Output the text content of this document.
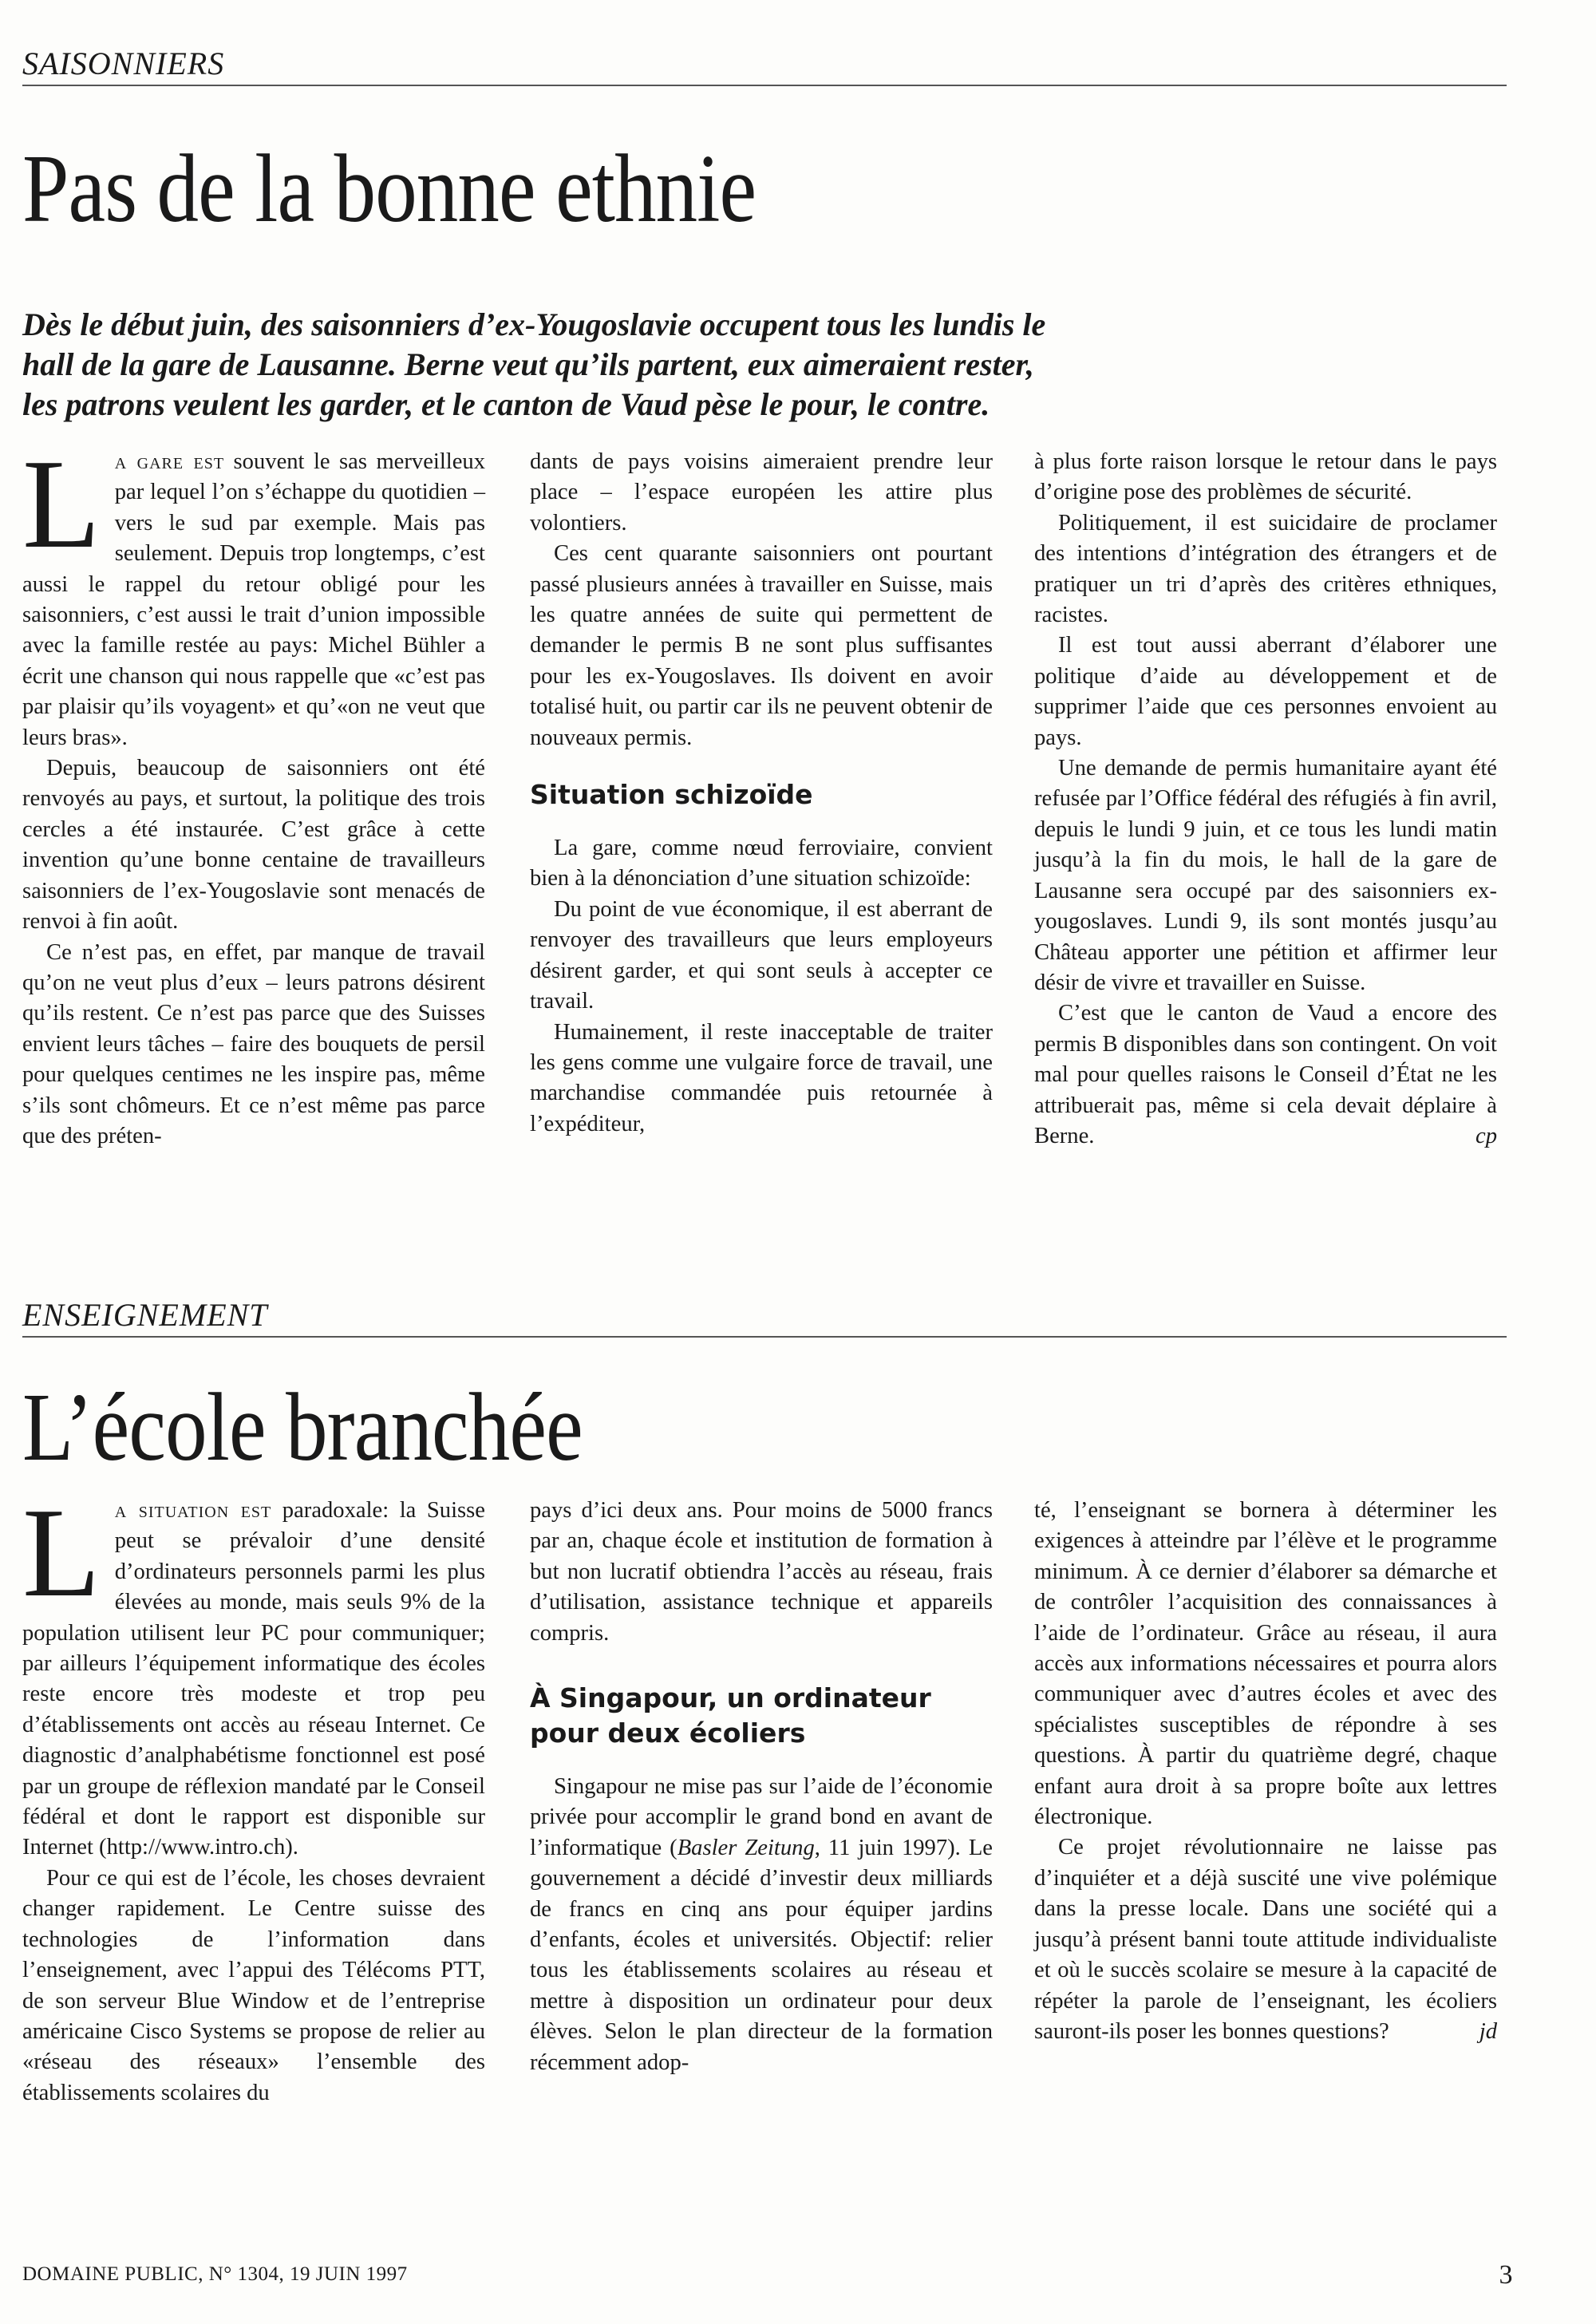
SAISONNIERS
Pas de la bonne ethnie

Dès le début juin, des saisonniers d’ex-Yougoslavie occupent tous les lundis le

hall de la gare de Lausanne. Berne veut qu’ils partent, eux aimeraient rester,

les patrons veulent les garder, et le canton de Vaud pèse le pour, le contre.

La gare est souvent le sas merveilleux par lequel l’on s’échappe du quotidien – vers le sud par exemple. Mais pas seulement. Depuis trop longtemps, c’est aussi le rappel du retour obligé pour les saisonniers, c’est aussi le trait d’union impossible avec la famille restée au pays: Michel Bühler a écrit une chanson qui nous rappelle que «c’est pas par plaisir qu’ils voyagent» et qu’«on ne veut que leurs bras».

Depuis, beaucoup de saisonniers ont été renvoyés au pays, et surtout, la politique des trois cercles a été instaurée. C’est grâce à cette invention qu’une bonne centaine de travailleurs saisonniers de l’ex-Yougoslavie sont menacés de renvoi à fin août.

Ce n’est pas, en effet, par manque de travail qu’on ne veut plus d’eux – leurs patrons désirent qu’ils restent. Ce n’est pas parce que des Suisses envient leurs tâches – faire des bouquets de persil pour quelques centimes ne les inspire pas, même s’ils sont chômeurs. Et ce n’est même pas parce que des préten-

dants de pays voisins aimeraient prendre leur place – l’espace européen les attire plus volontiers.

Ces cent quarante saisonniers ont pourtant passé plusieurs années à travailler en Suisse, mais les quatre années de suite qui permettent de demander le permis B ne sont plus suffisantes pour les ex-Yougoslaves. Ils doivent en avoir totalisé huit, ou partir car ils ne peuvent obtenir de nouveaux permis.

Situation schizoïde

La gare, comme nœud ferroviaire, convient bien à la dénonciation d’une situation schizoïde:

Du point de vue économique, il est aberrant de renvoyer des travailleurs que leurs employeurs désirent garder, et qui sont seuls à accepter ce travail.

Humainement, il reste inacceptable de traiter les gens comme une vulgaire force de travail, une marchandise commandée puis retournée à l’expéditeur,

à plus forte raison lorsque le retour dans le pays d’origine pose des problèmes de sécurité.

Politiquement, il est suicidaire de proclamer des intentions d’intégration des étrangers et de pratiquer un tri d’après des critères ethniques, racistes.

Il est tout aussi aberrant d’élaborer une politique d’aide au développement et de supprimer l’aide que ces personnes envoient au pays.

Une demande de permis humanitaire ayant été refusée par l’Office fédéral des réfugiés à fin avril, depuis le lundi 9 juin, et ce tous les lundi matin jusqu’à la fin du mois, le hall de la gare de Lausanne sera occupé par des saisonniers ex-yougoslaves. Lundi 9, ils sont montés jusqu’au Château apporter une pétition et affirmer leur désir de vivre et travailler en Suisse.

C’est que le canton de Vaud a encore des permis B disponibles dans son contingent. On voit mal pour quelles raisons le Conseil d’État ne les attribuerait pas, même si cela devait déplaire à Berne.	cp

ENSEIGNEMENT
L’école branchée

La situation est paradoxale: la Suisse peut se prévaloir d’une densité d’ordinateurs personnels parmi les plus élevées au monde, mais seuls 9% de la population utilisent leur PC pour communiquer; par ailleurs l’équipement informatique des écoles reste encore très modeste et trop peu d’établissements ont accès au réseau Internet. Ce diagnostic d’analphabétisme fonctionnel est posé par un groupe de réflexion mandaté par le Conseil fédéral et dont le rapport est disponible sur Internet (http://www.intro.ch).

Pour ce qui est de l’école, les choses devraient changer rapidement. Le Centre suisse des technologies de l’information dans l’enseignement, avec l’appui des Télécoms PTT, de son serveur Blue Window et de l’entreprise américaine Cisco Systems se propose de relier au «réseau des réseaux» l’ensemble des établissements scolaires du

pays d’ici deux ans. Pour moins de 5000 francs par an, chaque école et institution de formation à but non lucratif obtiendra l’accès au réseau, frais d’utilisation, assistance technique et appareils compris.

À Singapour, un ordinateur pour deux écoliers

Singapour ne mise pas sur l’aide de l’économie privée pour accomplir le grand bond en avant de l’informatique (Basler Zeitung, 11 juin 1997). Le gouvernement a décidé d’investir deux milliards de francs en cinq ans pour équiper jardins d’enfants, écoles et universités. Objectif: relier tous les établissements scolaires au réseau et mettre à disposition un ordinateur pour deux élèves. Selon le plan directeur de la formation récemment adop-

té, l’enseignant se bornera à déterminer les exigences à atteindre par l’élève et le programme minimum. À ce dernier d’élaborer sa démarche et de contrôler l’acquisition des connaissances à l’aide de l’ordinateur. Grâce au réseau, il aura accès aux informations nécessaires et pourra alors communiquer avec d’autres écoles et avec des spécialistes susceptibles de répondre à ses questions. À partir du quatrième degré, chaque enfant aura droit à sa propre boîte aux lettres électronique.

Ce projet révolutionnaire ne laisse pas d’inquiéter et a déjà suscité une vive polémique dans la presse locale. Dans une société qui a jusqu’à présent banni toute attitude individualiste et où le succès scolaire se mesure à la capacité de répéter la parole de l’enseignant, les écoliers sauront-ils poser les bonnes questions?	jd

DOMAINE PUBLIC, N° 1304, 19 JUIN 1997	3
